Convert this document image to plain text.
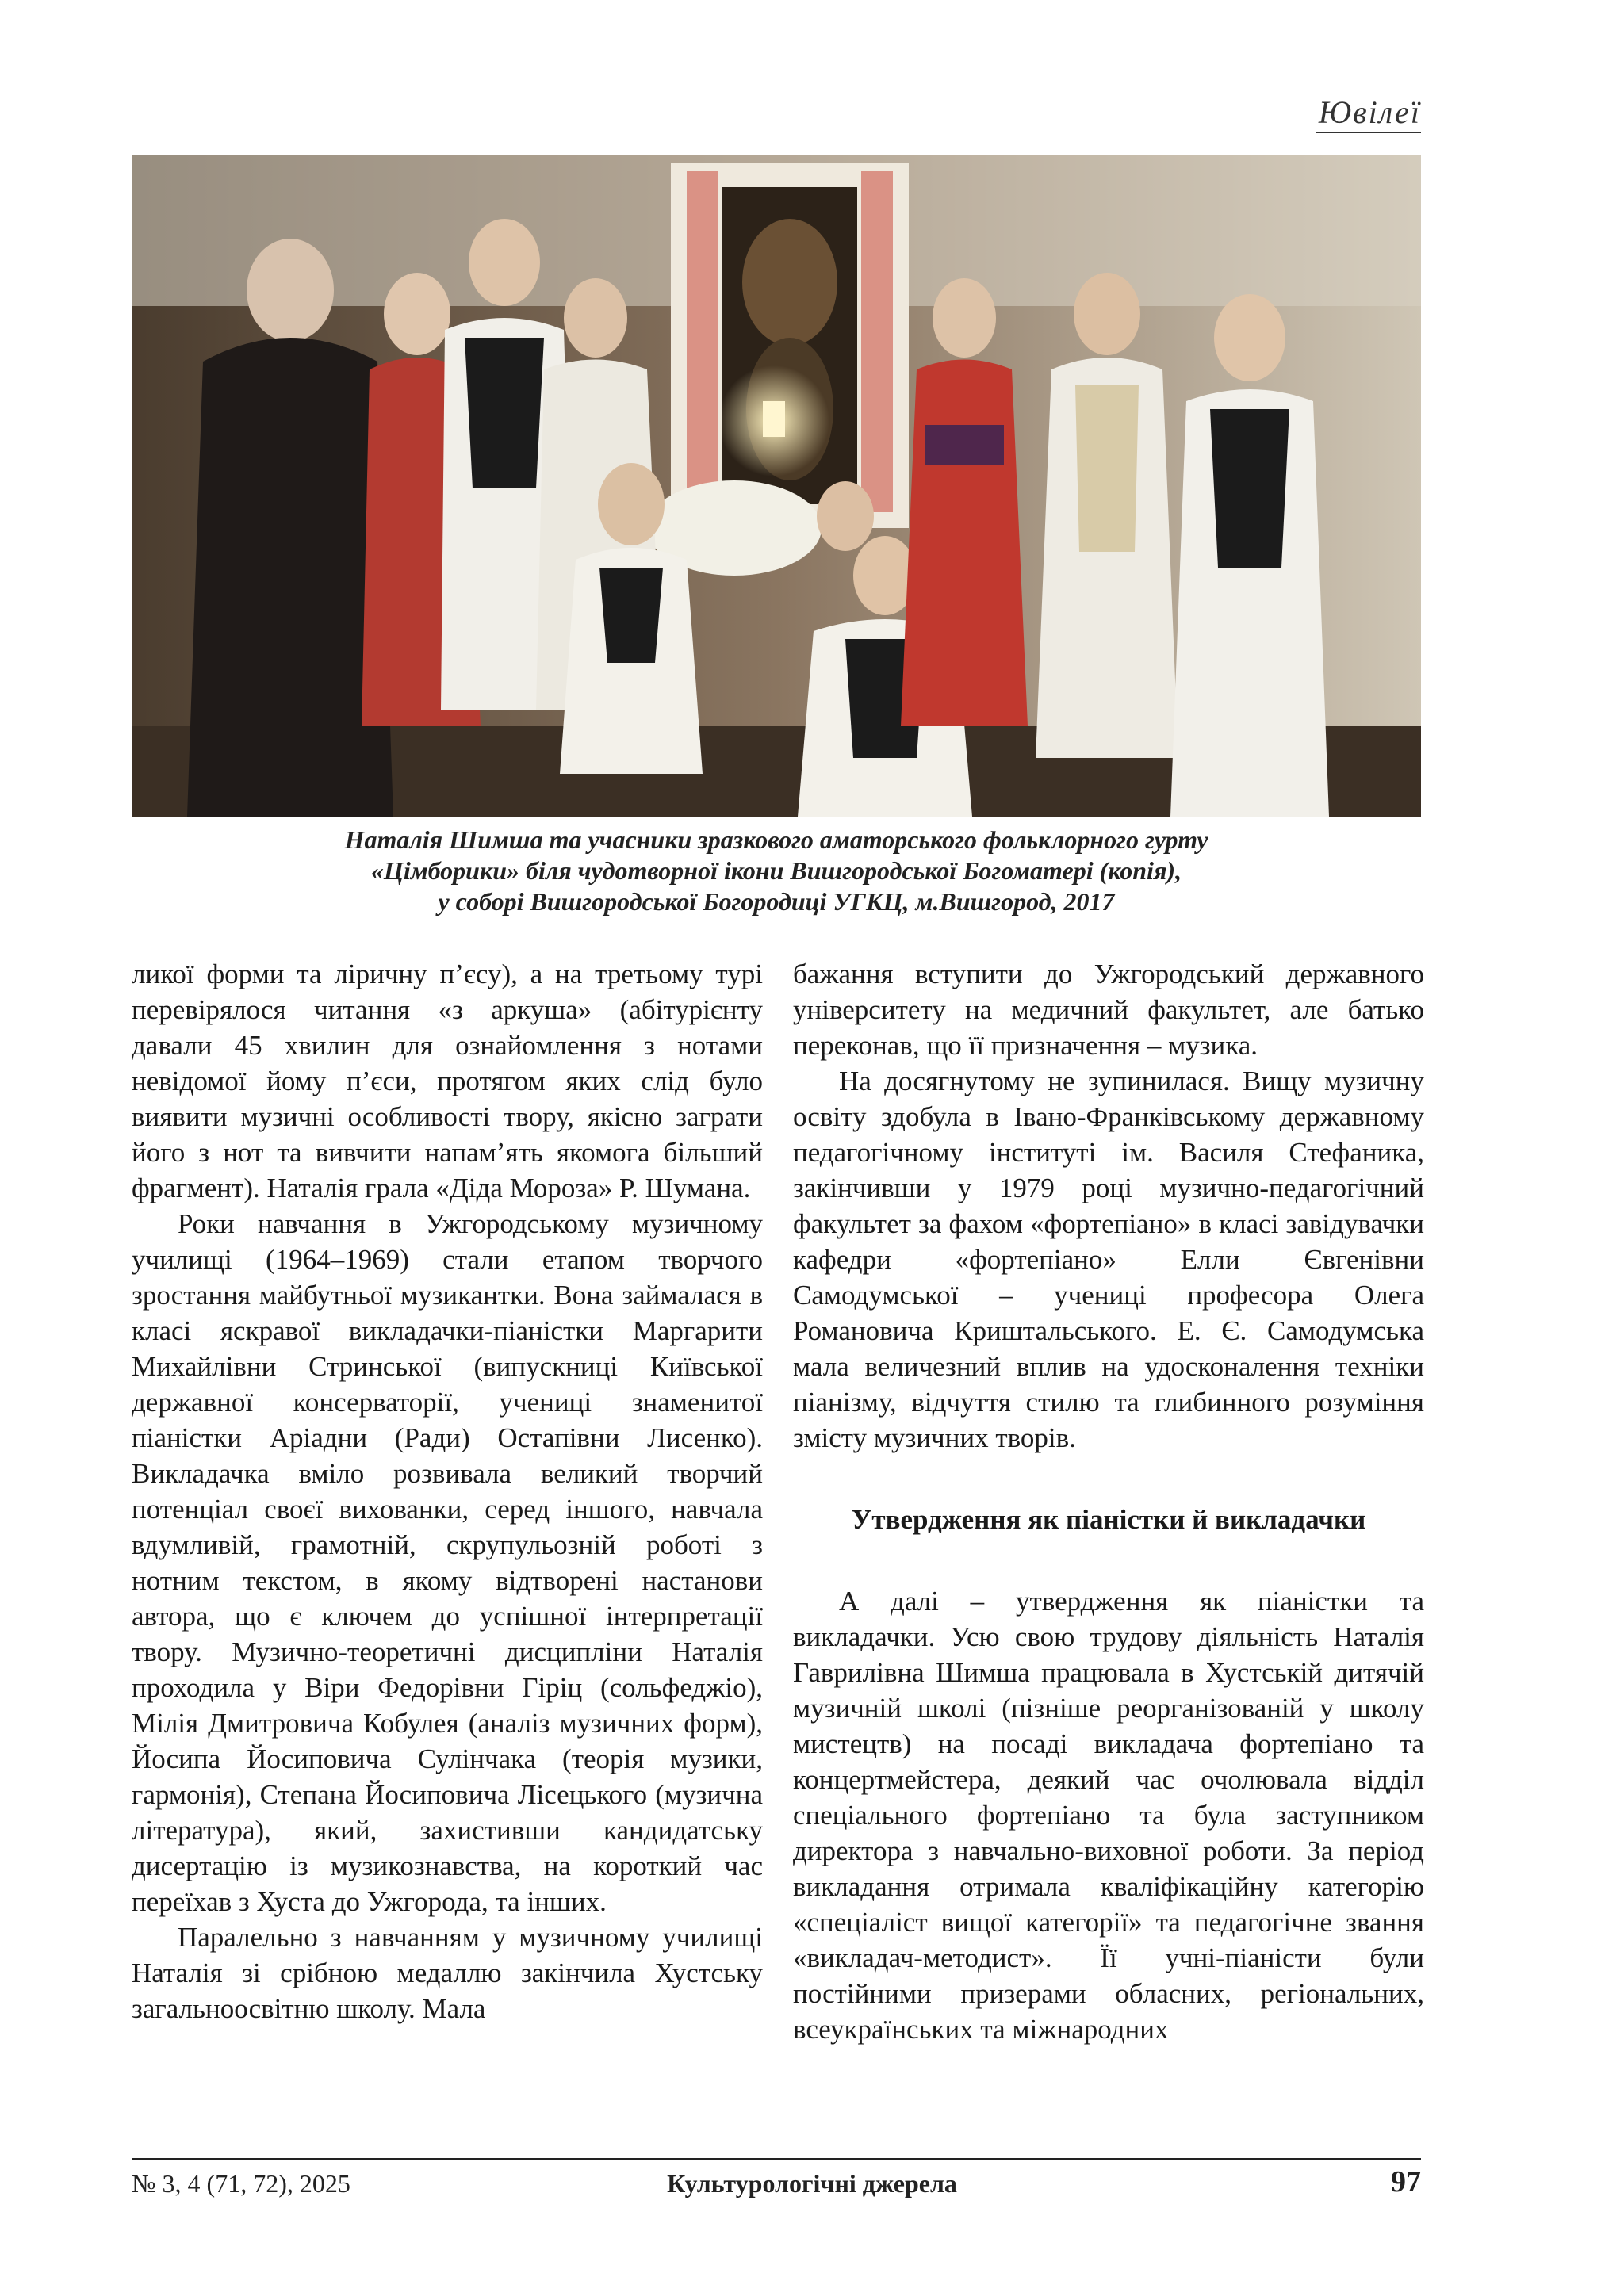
Ювілеї
Наталія Шимша та учасники зразкового аматорського фольклорного гурту
«Цімборики» біля чудотворної ікони Вишгородської Богоматері (копія),
у соборі Вишгородської Богородиці УГКЦ, м.Вишгород, 2017

ликої форми та ліричну п’єсу), а на третьому турі перевірялося читання «з аркуша» (абітурієнту давали 45 хвилин для ознайомлення з нотами невідомої йому п’єси, протягом яких слід було виявити музичні особливості твору, якісно заграти його з нот та вивчити напам’ять якомога більший фрагмент). Наталія грала «Діда Мороза» Р. Шумана.

Роки навчання в Ужгородському музичному училищі (1964–1969) стали етапом творчого зростання майбутньої музикантки. Вона займалася в класі яскравої викладачки-піаністки Маргарити Михайлівни Стринської (випускниці Київської державної консерваторії, учениці знаменитої піаністки Аріадни (Ради) Остапівни Лисенко). Викладачка вміло розвивала великий творчий потенціал своєї вихованки, серед іншого, навчала вдумливій, грамотній, скрупульозній роботі з нотним текстом, в якому відтворені настанови автора, що є ключем до успішної інтерпретації твору. Музично-теоретичні дисципліни Наталія проходила у Віри Федорівни Гіріц (сольфеджіо), Мілія Дмитровича Кобулея (аналіз музичних форм), Йосипа Йосиповича Сулінчака (теорія музики, гармонія), Степана Йосиповича Лісецького (музична література), який, захистивши кандидатську дисертацію із музикознавства, на короткий час переїхав з Хуста до Ужгорода, та інших.

Паралельно з навчанням у музичному училищі Наталія зі срібною медаллю закінчила Хустську загальноосвітню школу. Мала

бажання вступити до Ужгородський державного університету на медичний факультет, але батько переконав, що її призначення – музика.

На досягнутому не зупинилася. Вищу музичну освіту здобула в Івано-Франківському державному педагогічному інституті ім. Василя Стефаника, закінчивши у 1979 році музично-педагогічний факультет за фахом «фортепіано» в класі завідувачки кафедри «фортепіано» Елли Євгенівни Самодумської – учениці професора Олега Романовича Криштальського. Е. Є. Самодумська мала величезний вплив на удосконалення техніки піанізму, відчуття стилю та глибинного розуміння змісту музичних творів.

Утвердження як піаністки й викладачки

А далі – утвердження як піаністки та викладачки. Усю свою трудову діяльність Наталія Гаврилівна Шимша працювала в Хустській дитячій музичній школі (пізніше реорганізованій у школу мистецтв) на посаді викладача фортепіано та концертмейстера, деякий час очолювала відділ спеціального фортепіано та була заступником директора з навчально-виховної роботи. За період викладання отримала кваліфікаційну категорію «спеціаліст вищої категорії» та педагогічне звання «викладач-методист». Її учні-піаністи були постійними призерами обласних, регіональних, всеукраїнських та міжнародних

№ 3, 4 (71, 72), 2025	Культурологічні джерела	97
